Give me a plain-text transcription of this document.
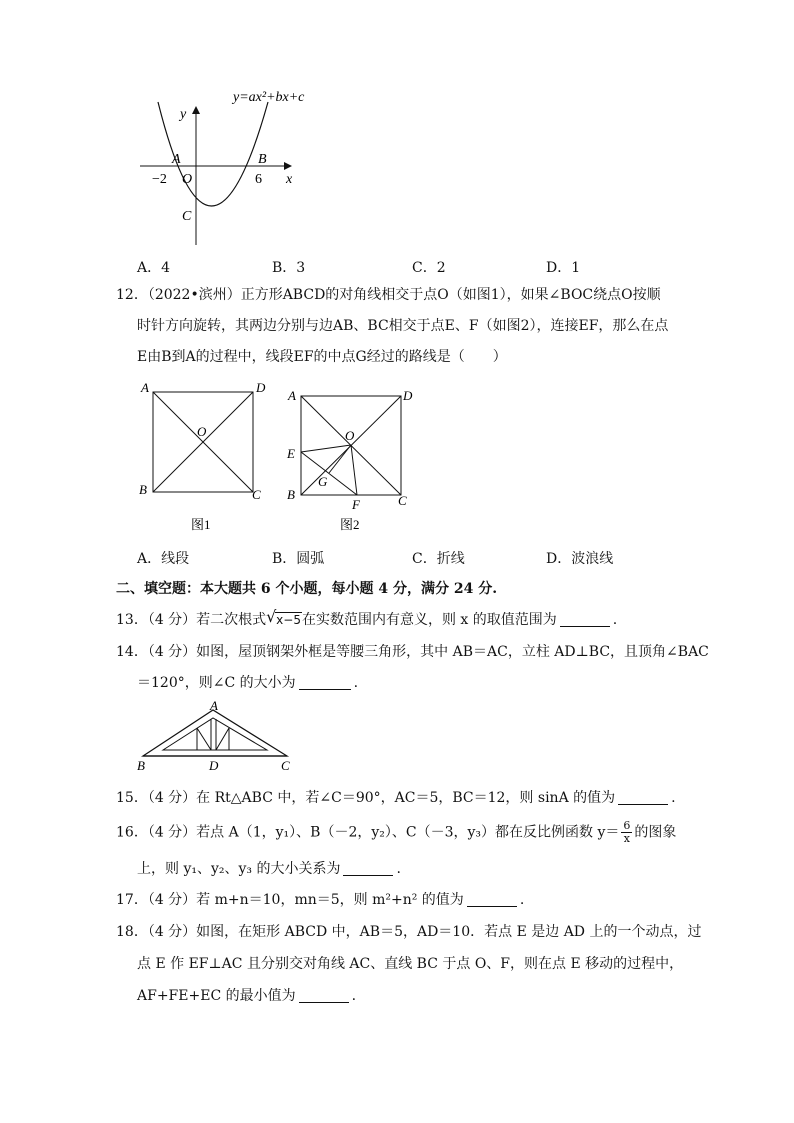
y=ax²+bx+c
y
x
A	B
O
C
−2	6
A．4	B．3	C．2	D．1
12．（2022•滨州）正方形ABCD的对角线相交于点O（如图1），如果∠BOC绕点O按顺
时针方向旋转，其两边分别与边AB、BC相交于点E、F（如图2），连接EF，那么在点
E由B到A的过程中，线段EF的中点G经过的路线是（　　）
A	D
B	C
O
图1
A	D
B	C
O
E
G
F
图2
A．线段	B．圆弧	C．折线	D．波浪线
二、填空题：本大题共 6 个小题，每小题 4 分，满分 24 分.
13．（4 分）若二次根式 √ x−5在实数范围内有意义，则 x 的取值范围为	.
14．（4 分）如图，屋顶钢架外框是等腰三角形，其中 AB＝AC，立柱 AD⊥BC，且顶角∠BAC
＝120°，则∠C 的大小为	.
A
B	D	C
15．（4 分）在 Rt△ABC 中，若∠C＝90°，AC＝5，BC＝12，则 sinA 的值为	.
16．（4 分）若点 A（1，y₁）、B（－2，y₂）、C（－3，y₃）都在反比例函数 $y= \frac{6}{x}$ 的图象
上，则 y₁、y₂、y₃ 的大小关系为	.
17．（4 分）若 m+n＝10，mn＝5，则 m²+n² 的值为	.
18．（4 分）如图，在矩形 ABCD 中，AB＝5，AD＝10．若点 E 是边 AD 上的一个动点，过
点 E 作 EF⊥AC 且分别交对角线 AC、直线 BC 于点 O、F，则在点 E 移动的过程中，
AF+FE+EC 的最小值为	.
